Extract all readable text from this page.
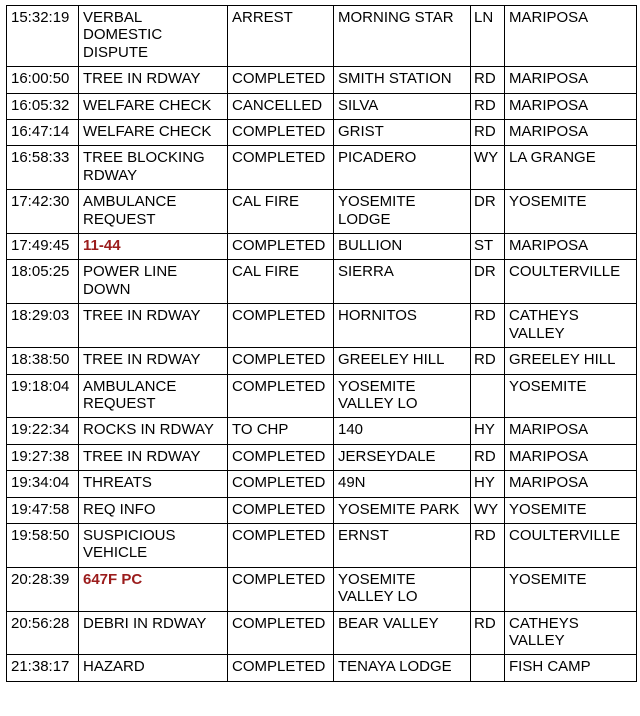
15:32:19	VERBAL DOMESTIC DISPUTE	ARREST	MORNING STAR	LN	MARIPOSA
16:00:50	TREE IN RDWAY	COMPLETED	SMITH STATION	RD	MARIPOSA
16:05:32	WELFARE CHECK	CANCELLED	SILVA	RD	MARIPOSA
16:47:14	WELFARE CHECK	COMPLETED	GRIST	RD	MARIPOSA
16:58:33	TREE BLOCKING RDWAY	COMPLETED	PICADERO	WY	LA GRANGE
17:42:30	AMBULANCE REQUEST	CAL FIRE	YOSEMITE LODGE	DR	YOSEMITE
17:49:45	11-44	COMPLETED	BULLION	ST	MARIPOSA
18:05:25	POWER LINE DOWN	CAL FIRE	SIERRA	DR	COULTERVILLE
18:29:03	TREE IN RDWAY	COMPLETED	HORNITOS	RD	CATHEYS VALLEY
18:38:50	TREE IN RDWAY	COMPLETED	GREELEY HILL	RD	GREELEY HILL
19:18:04	AMBULANCE REQUEST	COMPLETED	YOSEMITE VALLEY LO		YOSEMITE
19:22:34	ROCKS IN RDWAY	TO CHP	140	HY	MARIPOSA
19:27:38	TREE IN RDWAY	COMPLETED	JERSEYDALE	RD	MARIPOSA
19:34:04	THREATS	COMPLETED	49N	HY	MARIPOSA
19:47:58	REQ INFO	COMPLETED	YOSEMITE PARK	WY	YOSEMITE
19:58:50	SUSPICIOUS VEHICLE	COMPLETED	ERNST	RD	COULTERVILLE
20:28:39	647F PC	COMPLETED	YOSEMITE VALLEY LO		YOSEMITE
20:56:28	DEBRI IN RDWAY	COMPLETED	BEAR VALLEY	RD	CATHEYS VALLEY
21:38:17	HAZARD	COMPLETED	TENAYA LODGE		FISH CAMP
